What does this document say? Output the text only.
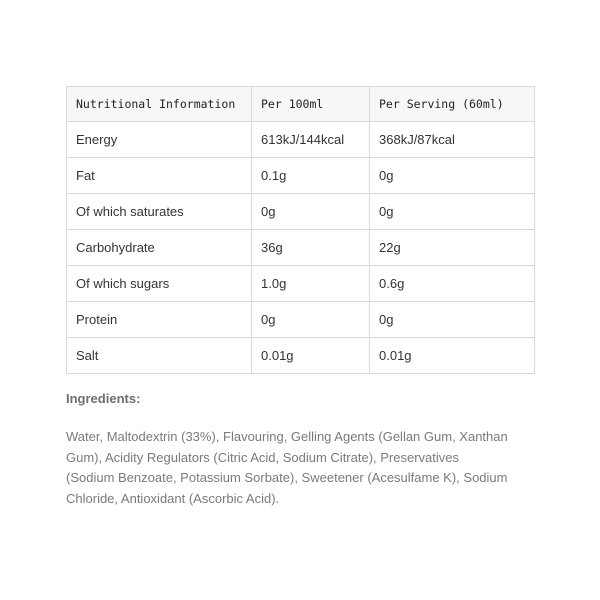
Nutritional Information	Per 100ml	Per Serving (60ml)
Energy	613kJ/144kcal	368kJ/87kcal
Fat	0.1g	0g
Of which saturates	0g	0g
Carbohydrate	36g	22g
Of which sugars	1.0g	0.6g
Protein	0g	0g
Salt	0.01g	0.01g

Ingredients:

Water, Maltodextrin (33%), Flavouring, Gelling Agents (Gellan Gum, Xanthan
Gum), Acidity Regulators (Citric Acid, Sodium Citrate), Preservatives
(Sodium Benzoate, Potassium Sorbate), Sweetener (Acesulfame K), Sodium
Chloride, Antioxidant (Ascorbic Acid).
